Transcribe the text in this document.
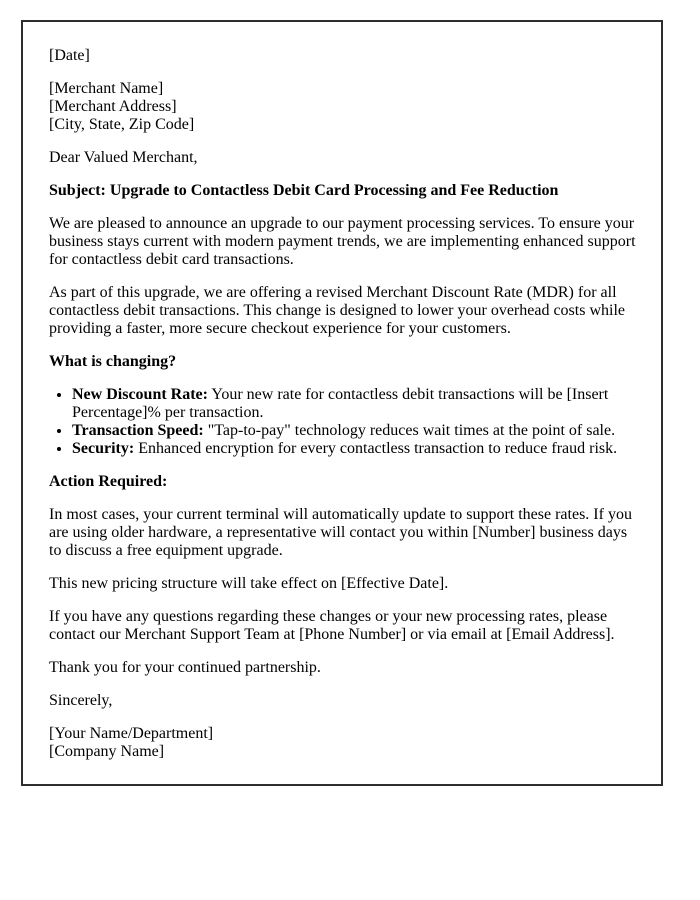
[Date]

[Merchant Name]
[Merchant Address]
[City, State, Zip Code]

Dear Valued Merchant,

Subject: Upgrade to Contactless Debit Card Processing and Fee Reduction

We are pleased to announce an upgrade to our payment processing services. To ensure your business stays current with modern payment trends, we are implementing enhanced support for contactless debit card transactions.

As part of this upgrade, we are offering a revised Merchant Discount Rate (MDR) for all contactless debit transactions. This change is designed to lower your overhead costs while providing a faster, more secure checkout experience for your customers.

What is changing?

• New Discount Rate: Your new rate for contactless debit transactions will be [Insert Percentage]% per transaction.
• Transaction Speed: "Tap-to-pay" technology reduces wait times at the point of sale.
• Security: Enhanced encryption for every contactless transaction to reduce fraud risk.

Action Required:

In most cases, your current terminal will automatically update to support these rates. If you are using older hardware, a representative will contact you within [Number] business days to discuss a free equipment upgrade.

This new pricing structure will take effect on [Effective Date].

If you have any questions regarding these changes or your new processing rates, please contact our Merchant Support Team at [Phone Number] or via email at [Email Address].

Thank you for your continued partnership.

Sincerely,

[Your Name/Department]
[Company Name]
